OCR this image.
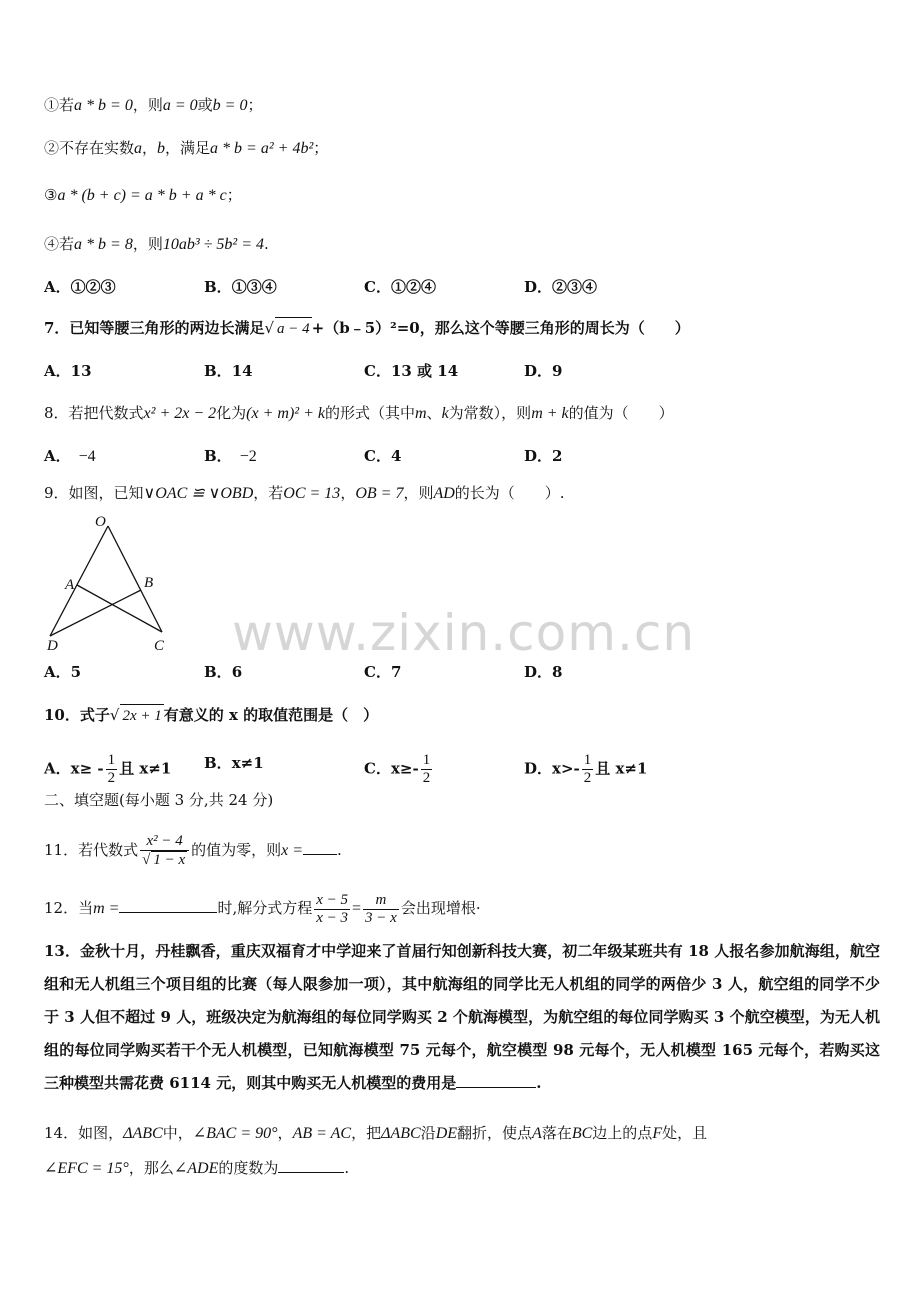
①若a * b = 0，则a = 0或b = 0；
②不存在实数a，b，满足a * b = a² + 4b²；
③a * (b + c) = a * b + a * c；
④若a * b = 8，则10ab³ ÷ 5b² = 4.
A．①②③	B．①③④	C．①②④	D．②③④
7．已知等腰三角形的两边长满足√ a − 4 +（b﹣5）²=0，那么这个等腰三角形的周长为（　　）
A．13	B．14	C．13 或 14	D．9
8．若把代数式x² + 2x − 2化为(x + m)² + k的形式（其中m、k为常数），则m + k的值为（　　）
A． −4	B． −2	C．4	D．2
9．如图，已知∨OAC ≌ ∨OBD，若OC = 13，OB = 7，则AD的长为（　　）.
O
A	B
D	C www.zixin.com.cn
A．5	B．6	C．7	D．8
10．式子√ 2x + 1 有意义的 x 的取值范围是（　）
A．$x\ge - \frac{1}{2}$ 且 x≠1 B．x≠1	C．$x\ge- \frac{1}{2}$	D．$x>- \frac{1}{2}$ 且 x≠1
二、填空题(每小题 3 分,共 24 分)
11．若代数式 $\frac{\text{x² − 4}}{√ 1 - x}$ 的值为零，则x = .
12．当m =	时,解分式方程 $\frac{x - 5}{x - 3} = \frac{m}{3 - x}$ 会出现增根·
13．金秋十月，丹桂飘香，重庆双福育才中学迎来了首届行知创新科技大赛，初二年级某班共有 18 人报名参加航海组，航空组和无人机组三个项目组的比赛（每人限参加一项），其中航海组的同学比无人机组的同学的两倍少 3 人，航空组的同学不少于 3 人但不超过 9 人，班级决定为航海组的每位同学购买 2 个航海模型，为航空组的每位同学购买 3 个航空模型，为无人机组的每位同学购买若干个无人机模型，已知航海模型 75 元每个，航空模型 98 元每个，无人机模型 165 元每个，若购买这三种模型共需花费 6114 元，则其中购买无人机模型的费用是	.
14．如图，ΔABC中，∠BAC = 90°，AB = AC，把ΔABC沿DE翻折，使点A落在BC边上的点F处，且
∠EFC = 15°，那么∠ADE的度数为	.
